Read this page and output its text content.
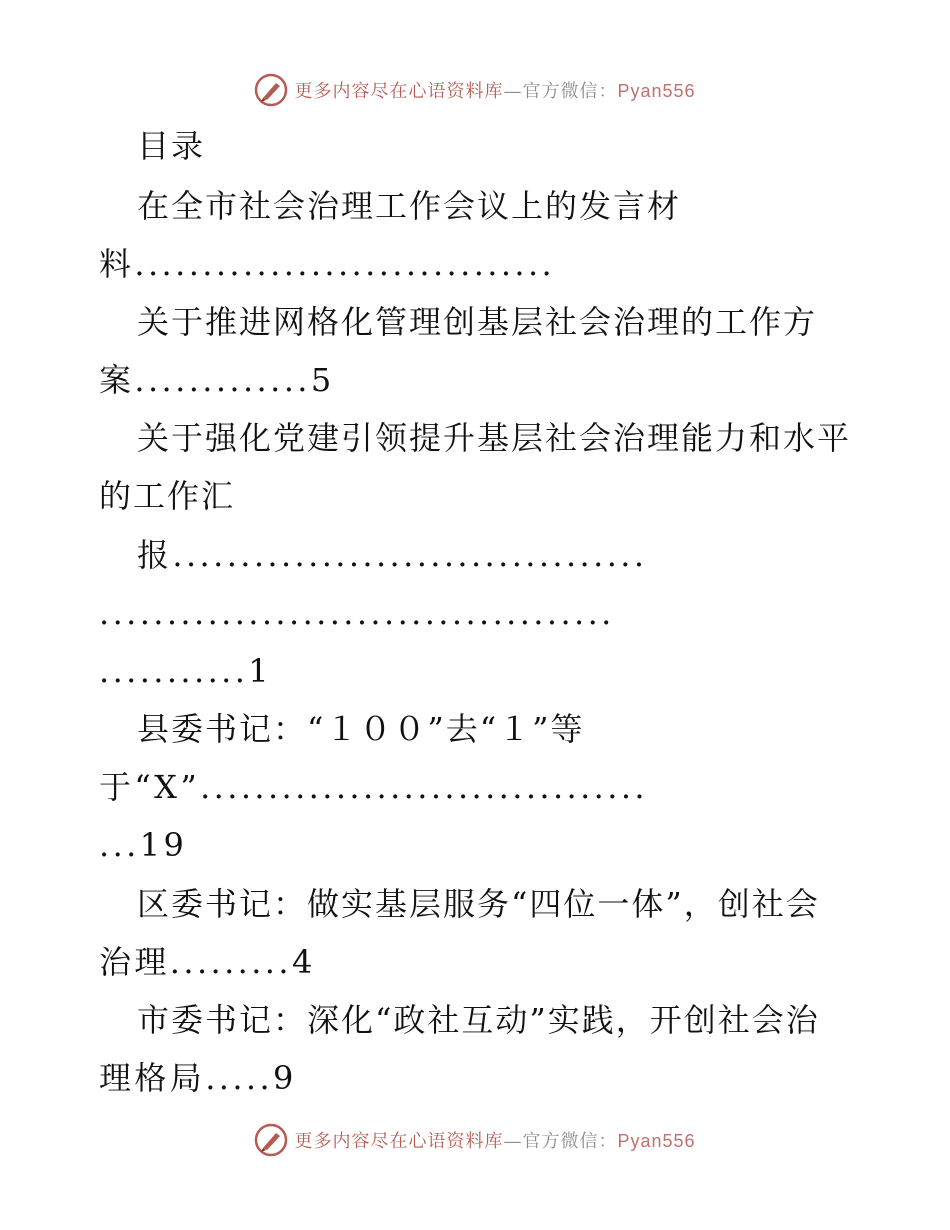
更多内容尽在心语资料库—官方微信：Pyan556
目录
在全市社会治理工作会议上的发言材
料...............................
关于推进网格化管理创基层社会治理的工作方
案.............5
关于强化党建引领提升基层社会治理能力和水平
的工作汇
报...................................
......................................
...........1
县委书记：“１００”去“１”等
于“X”.................................
...19
区委书记：做实基层服务“四位一体”，创社会
治理.........4
市委书记：深化“政社互动”实践，开创社会治
理格局.....9
更多内容尽在心语资料库—官方微信：Pyan556
